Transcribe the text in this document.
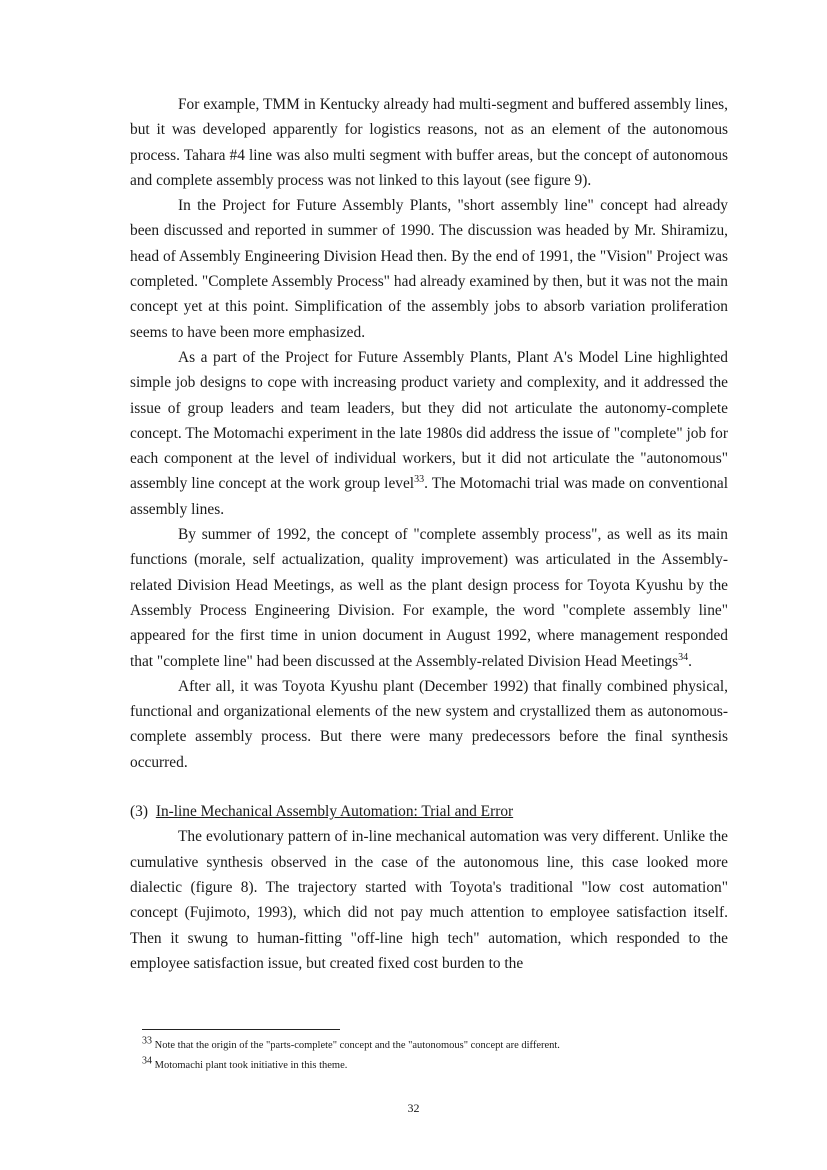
For example, TMM in Kentucky already had multi-segment and buffered assembly lines, but it was developed apparently for logistics reasons, not as an element of the autonomous process. Tahara #4 line was also multi segment with buffer areas, but the concept of autonomous and complete assembly process was not linked to this layout (see figure 9).

In the Project for Future Assembly Plants, "short assembly line" concept had already been discussed and reported in summer of 1990. The discussion was headed by Mr. Shiramizu, head of Assembly Engineering Division Head then. By the end of 1991, the "Vision" Project was completed. "Complete Assembly Process" had already examined by then, but it was not the main concept yet at this point. Simplification of the assembly jobs to absorb variation proliferation seems to have been more emphasized.

As a part of the Project for Future Assembly Plants, Plant A's Model Line highlighted simple job designs to cope with increasing product variety and complexity, and it addressed the issue of group leaders and team leaders, but they did not articulate the autonomy-complete concept. The Motomachi experiment in the late 1980s did address the issue of "complete" job for each component at the level of individual workers, but it did not articulate the "autonomous" assembly line concept at the work group level$^{33}$. The Motomachi trial was made on conventional assembly lines.

By summer of 1992, the concept of "complete assembly process", as well as its main functions (morale, self actualization, quality improvement) was articulated in the Assembly-related Division Head Meetings, as well as the plant design process for Toyota Kyushu by the Assembly Process Engineering Division. For example, the word "complete assembly line" appeared for the first time in union document in August 1992, where management responded that "complete line" had been discussed at the Assembly-related Division Head Meetings$^{34}$.

After all, it was Toyota Kyushu plant (December 1992) that finally combined physical, functional and organizational elements of the new system and crystallized them as autonomous-complete assembly process. But there were many predecessors before the final synthesis occurred.

(3) In-line Mechanical Assembly Automation: Trial and Error

The evolutionary pattern of in-line mechanical automation was very different. Unlike the cumulative synthesis observed in the case of the autonomous line, this case looked more dialectic (figure 8). The trajectory started with Toyota's traditional "low cost automation" concept (Fujimoto, 1993), which did not pay much attention to employee satisfaction itself. Then it swung to human-fitting "off-line high tech" automation, which responded to the employee satisfaction issue, but created fixed cost burden to the

$^{33}$ Note that the origin of the "parts-complete" concept and the "autonomous" concept are different.

$^{34}$ Motomachi plant took initiative in this theme.

32
